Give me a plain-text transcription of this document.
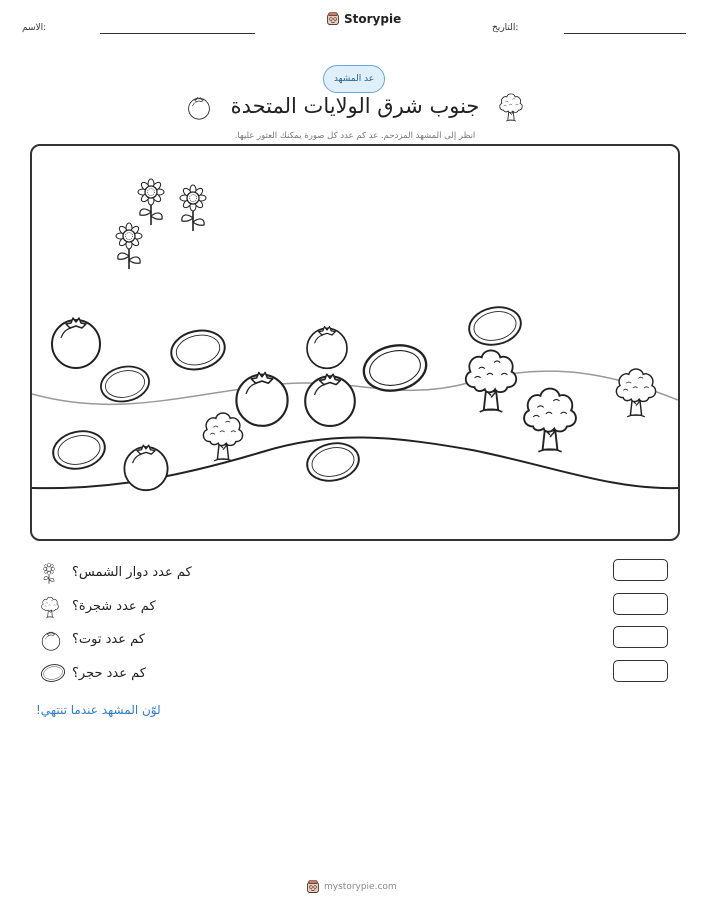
الاسم:
Storypie
التاريخ:
عد المشهد
جنوب شرق الولايات المتحدة
انظر إلى المشهد المزدحم. عد كم عدد كل صورة يمكنك العثور عليها.
كم عدد دوار الشمس؟
كم عدد شجرة؟
كم عدد توت؟
كم عدد حجر؟
لوّن المشهد عندما تنتهي!
mystorypie.com
